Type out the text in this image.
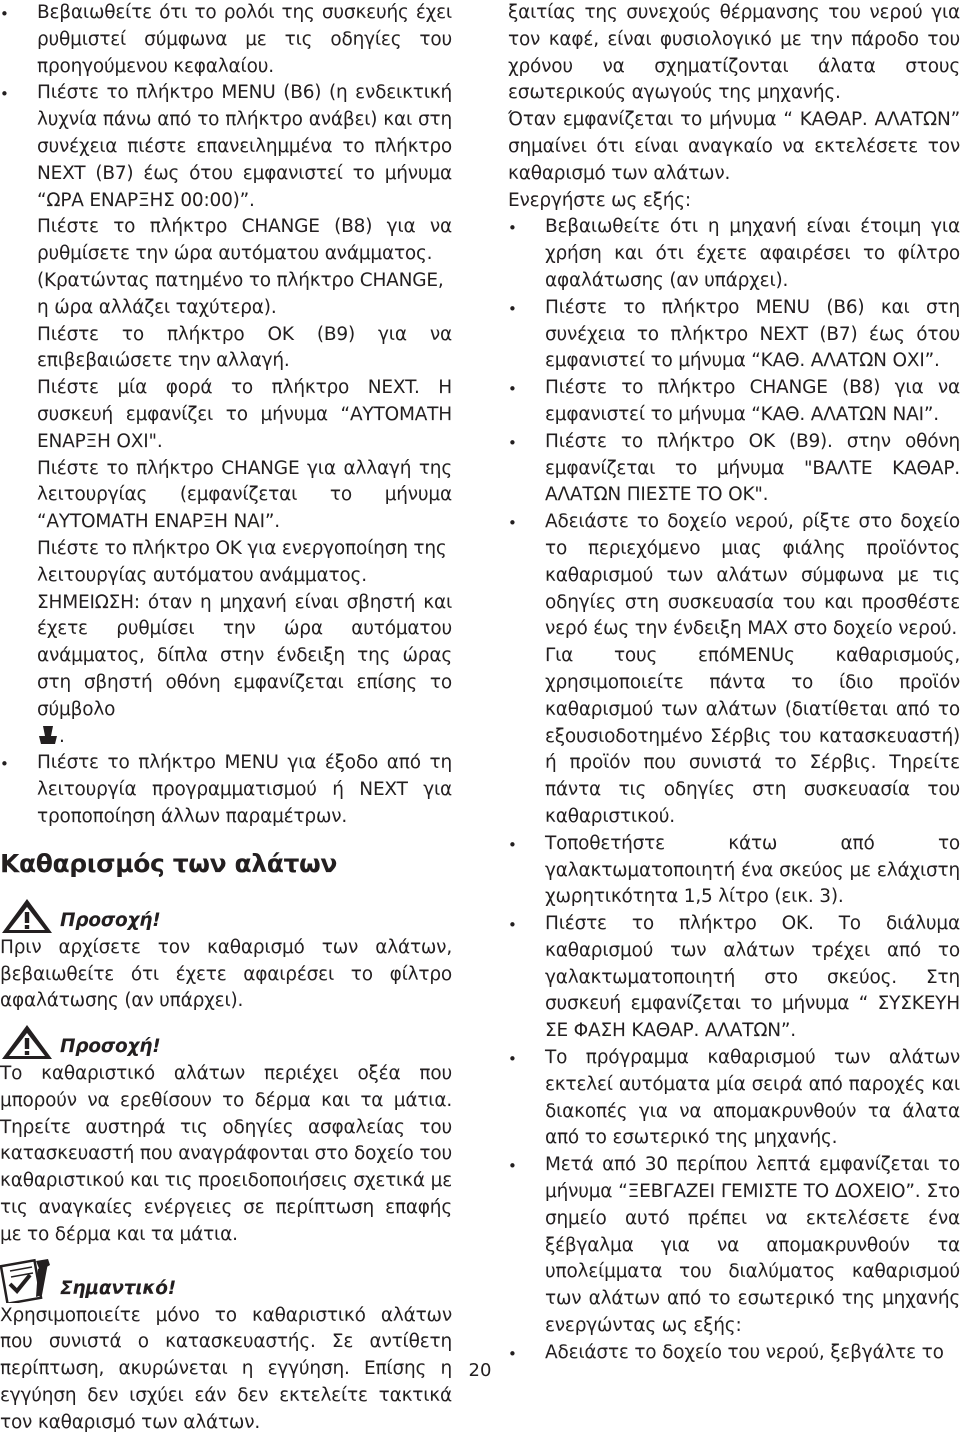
• Βεβαιωθείτε ότι το ρολόι της συσκευής έχει ρυθμιστεί σύμφωνα με τις οδηγίες του προηγούμενου κεφαλαίου.

• Πιέστε το πλήκτρο MENU (B6) (η ενδεικτική λυχνία πάνω από το πλήκτρο ανάβει) και στη συνέχεια πιέστε επανειλημμένα το πλήκτρο NEXT (B7) έως ότου εμφανιστεί το μήνυμα “ΩΡΑ ΕΝΑΡΞΗΣ 00:00)”.

Πιέστε το πλήκτρο CHANGE (B8) για να ρυθμίσετε την ώρα αυτόματου ανάμματος.

(Κρατώντας πατημένο το πλήκτρο CHANGE, η ώρα αλλάζει ταχύτερα).

Πιέστε το πλήκτρο OK (B9) για να επιβεβαιώσετε την αλλαγή.

Πιέστε μία φορά το πλήκτρο NEXT. Η συσκευή εμφανίζει το μήνυμα “ΑΥΤΟΜΑΤΗ ΕΝΑΡΞΗ ΟΧΙ".

Πιέστε το πλήκτρο CHANGE για αλλαγή της λειτουργίας (εμφανίζεται το μήνυμα “ΑΥΤΟΜΑΤΗ ΕΝΑΡΞΗ ΝΑΙ”.

Πιέστε το πλήκτρο OK για ενεργοποίηση της λειτουργίας αυτόματου ανάμματος.

ΣΗΜΕΙΩΣΗ: όταν η μηχανή είναι σβηστή και έχετε ρυθμίσει την ώρα αυτόματου ανάμματος, δίπλα στην ένδειξη της ώρας στη σβηστή οθόνη εμφανίζεται επίσης το σύμβολο

.

• Πιέστε το πλήκτρο MENU για έξοδο από τη λειτουργία προγραμματισμού ή NEXT για τροποποίηση άλλων παραμέτρων.

Καθαρισμός των αλάτων
Προσοχή!
Πριν αρχίσετε τον καθαρισμό των αλάτων, βεβαιωθείτε ότι έχετε αφαιρέσει το φίλτρο αφαλάτωσης (αν υπάρχει).
Προσοχή!
Το καθαριστικό αλάτων περιέχει οξέα που μπορούν να ερεθίσουν το δέρμα και τα μάτια. Τηρείτε αυστηρά τις οδηγίες ασφαλείας του κατασκευαστή που αναγράφονται στο δοχείο του καθαριστικού και τις προειδοποιήσεις σχετικά με τις αναγκαίες ενέργειες σε περίπτωση επαφής με το δέρμα και τα μάτια.
Σημαντικό!
Χρησιμοποιείτε μόνο το καθαριστικό αλάτων που συνιστά ο κατασκευαστής. Σε αντίθετη περίπτωση, ακυρώνεται η εγγύηση. Επίσης η εγγύηση δεν ισχύει εάν δεν εκτελείτε τακτικά τον καθαρισμό των αλάτων.

ξαιτίας της συνεχούς θέρμανσης του νερού για τον καφέ, είναι φυσιολογικό με την πάροδο του χρόνου να σχηματίζονται άλατα στους εσωτερικούς αγωγούς της μηχανής.

Όταν εμφανίζεται το μήνυμα “ ΚΑΘΑΡ. ΑΛΑΤΩΝ” σημαίνει ότι είναι αναγκαίο να εκτελέσετε τον καθαρισμό των αλάτων.

Ενεργήστε ως εξής:

• Βεβαιωθείτε ότι η μηχανή είναι έτοιμη για χρήση και ότι έχετε αφαιρέσει το φίλτρο αφαλάτωσης (αν υπάρχει).

• Πιέστε το πλήκτρο MENU (B6) και στη συνέχεια το πλήκτρο NEXT (B7) έως ότου εμφανιστεί το μήνυμα “ΚΑΘ. ΑΛΑΤΩΝ ΟΧΙ”.

• Πιέστε το πλήκτρο CHANGE (B8) για να εμφανιστεί το μήνυμα “ΚΑΘ. ΑΛΑΤΩΝ ΝΑΙ”.

• Πιέστε το πλήκτρο OK (B9). στην οθόνη εμφανίζεται το μήνυμα "ΒΑΛΤΕ ΚΑΘΑΡ. ΑΛΑΤΩΝ ΠΙΕΣΤΕ ΤΟ ΟΚ".

• Αδειάστε το δοχείο νερού, ρίξτε στο δοχείο το περιεχόμενο μιας φιάλης προϊόντος καθαρισμού των αλάτων σύμφωνα με τις οδηγίες στη συσκευασία του και προσθέστε νερό έως την ένδειξη MAX στο δοχείο νερού.

Για τους επόMENUς καθαρισμούς, χρησιμοποιείτε πάντα το ίδιο προϊόν καθαρισμού των αλάτων (διατίθεται από το εξουσιοδοτημένο Σέρβις του κατασκευαστή) ή προϊόν που συνιστά το Σέρβις. Τηρείτε πάντα τις οδηγίες στη συσκευασία του καθαριστικού.

• Τοποθετήστε κάτω από το γαλακτωματοποιητή ένα σκεύος με ελάχιστη χωρητικότητα 1,5 λίτρο (εικ. 3).

• Πιέστε το πλήκτρο OK. Το διάλυμα καθαρισμού των αλάτων τρέχει από το γαλακτωματοποιητή στο σκεύος. Στη συσκευή εμφανίζεται το μήνυμα “ ΣΥΣΚΕΥΗ ΣΕ ΦΑΣΗ ΚΑΘΑΡ. ΑΛΑΤΩΝ”.

• Το πρόγραμμα καθαρισμού των αλάτων εκτελεί αυτόματα μία σειρά από παροχές και διακοπές για να απομακρυνθούν τα άλατα από το εσωτερικό της μηχανής.

• Μετά από 30 περίπου λεπτά εμφανίζεται το μήνυμα “ΞΕΒΓΑΖΕΙ ΓΕΜΙΣΤΕ ΤΟ ΔΟΧΕΙΟ”. Στο σημείο αυτό πρέπει να εκτελέσετε ένα ξέβγαλμα για να απομακρυνθούν τα υπολείμματα του διαλύματος καθαρισμού των αλάτων από το εσωτερικό της μηχανής ενεργώντας ως εξής:

• Αδειάστε το δοχείο του νερού, ξεβγάλτε το

20
